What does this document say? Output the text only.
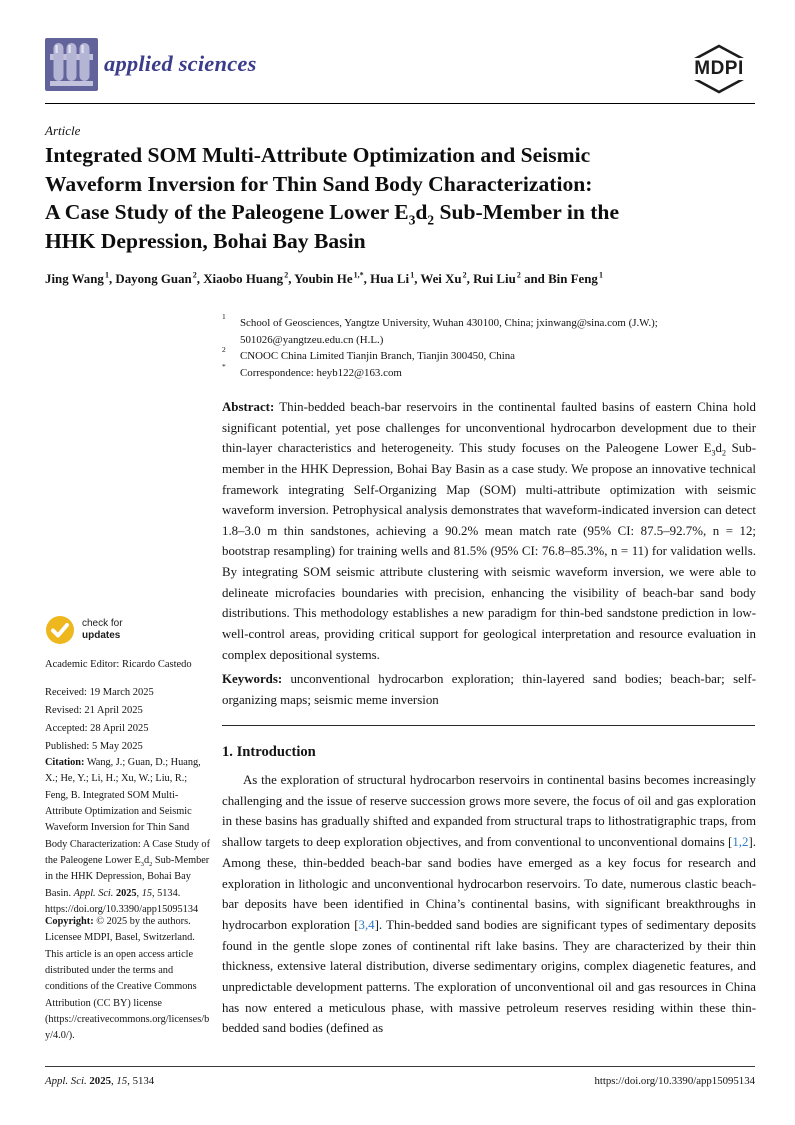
applied sciences	MDPI
Article
Integrated SOM Multi-Attribute Optimization and Seismic
Waveform Inversion for Thin Sand Body Characterization:
A Case Study of the Paleogene Lower $E_3d_2$ Sub-Member in the
HHK Depression, Bohai Bay Basin
Jing Wang $^1$, Dayong Guan $^2$, Xiaobo Huang $^2$, Youbin He $^{1,*}$, Hua Li $^1$, Wei Xu $^2$, Rui Liu $^2$ and Bin Feng $^1$
1
School of Geosciences, Yangtze University, Wuhan 430100, China; jxinwang@sina.com (J.W.); 501026@yangtzeu.edu.cn (H.L.)
2
CNOOC China Limited Tianjin Branch, Tianjin 300450, China
*
Correspondence: heyb122@163.com

Abstract: Thin-bedded beach-bar reservoirs in the continental faulted basins of eastern China hold significant potential, yet pose challenges for unconventional hydrocarbon development due to their thin-layer characteristics and heterogeneity. This study focuses on the Paleogene Lower $E_3d_2$ Sub-member in the HHK Depression, Bohai Bay Basin as a case study. We propose an innovative technical framework integrating Self-Organizing Map (SOM) multi-attribute optimization with seismic waveform inversion. Petrophysical analysis demonstrates that waveform-indicated inversion can detect 1.8–3.0 m thin sandstones, achieving a 90.2% mean match rate (95% CI: 87.5–92.7%, n = 12; bootstrap resampling) for training wells and 81.5% (95% CI: 76.8–85.3%, n = 11) for validation wells. By integrating SOM seismic attribute clustering with seismic waveform inversion, we were able to delineate microfacies boundaries with precision, enhancing the visibility of beach-bar sand body distributions. This methodology establishes a new paradigm for thin-bed sandstone prediction in low-well-control areas, providing critical support for geological interpretation and resource evaluation in complex depositional systems.

Keywords: unconventional hydrocarbon exploration; thin-layered sand bodies; beach-bar; self-organizing maps; seismic meme inversion

1. Introduction

As the exploration of structural hydrocarbon reservoirs in continental basins becomes increasingly challenging and the issue of reserve succession grows more severe, the focus of oil and gas exploration in these basins has gradually shifted and expanded from structural traps to lithostratigraphic traps, from shallow targets to deep exploration objectives, and from conventional to unconventional domains [1,2]. Among these, thin-bedded beach-bar sand bodies have emerged as a key focus for research and exploration in lithologic and unconventional hydrocarbon reservoirs. To date, numerous clastic beach-bar deposits have been identified in China’s continental basins, with significant breakthroughs in hydrocarbon exploration [3,4]. Thin-bedded sand bodies are significant types of sedimentary deposits found in the gentle slope zones of continental rift lake basins. They are characterized by their thin thickness, extensive lateral distribution, diverse sedimentary origins, complex diagenetic features, and unpredictable development patterns. The exploration of unconventional oil and gas resources in China has now entered a meticulous phase, with massive petroleum reserves residing within these thin-bedded sand bodies (defined as

check for
updates
Academic Editor: Ricardo Castedo
Received: 19 March 2025
Revised: 21 April 2025
Accepted: 28 April 2025
Published: 5 May 2025

Citation: Wang, J.; Guan, D.; Huang, X.; He, Y.; Li, H.; Xu, W.; Liu, R.; Feng, B. Integrated SOM Multi-Attribute Optimization and Seismic Waveform Inversion for Thin Sand Body Characterization: A Case Study of the Paleogene Lower $E_3d_2$ Sub-Member in the HHK Depression, Bohai Bay Basin. Appl. Sci. 2025, 15, 5134. https://doi.org/10.3390/app15095134

Copyright: © 2025 by the authors. Licensee MDPI, Basel, Switzerland. This article is an open access article distributed under the terms and conditions of the Creative Commons Attribution (CC BY) license (https://creativecommons.org/licenses/by/4.0/).

Appl. Sci. 2025, 15, 5134	https://doi.org/10.3390/app15095134
